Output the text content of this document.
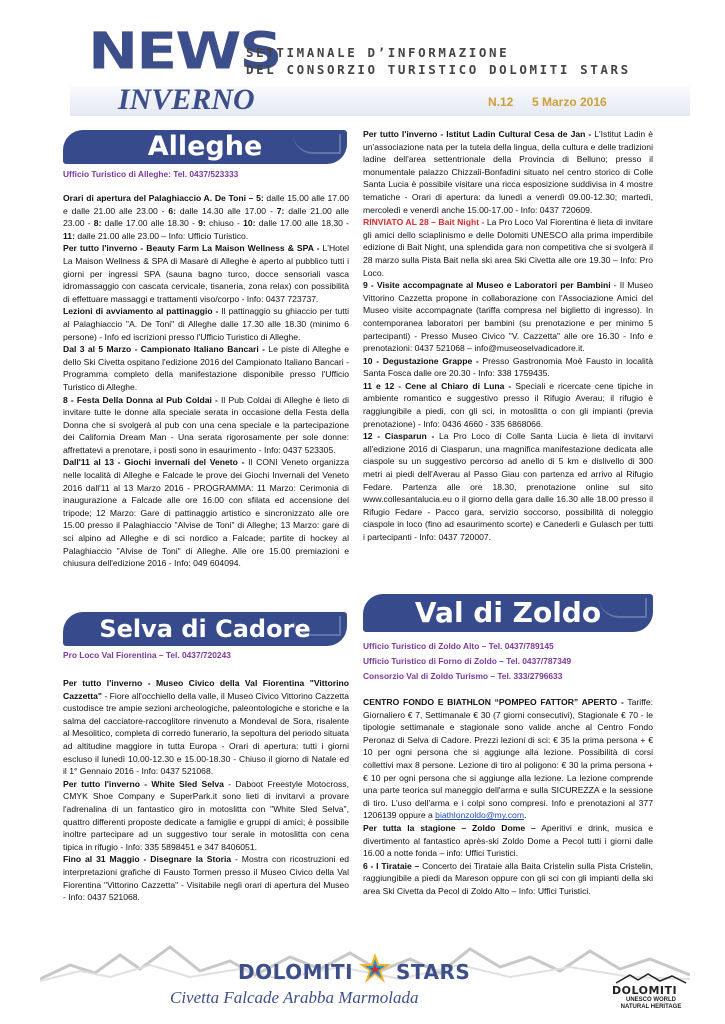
NEWS
SETTIMANALE D’INFORMAZIONE
DEL CONSORZIO TURISTICO DOLOMITI STARS
INVERNO	N.12 5 Marzo 2016
Alleghe

Ufficio Turistico di Alleghe: Tel. 0437/523333

Orari di apertura del Palaghiaccio A. De Toni – 5: dalle 15.00 alle 17.00 e dalle 21.00 alle 23.00 - 6: dalle 14.30 alle 17.00 - 7: dalle 21.00 alle 23.00 - 8: dalle 17.00 alle 18.30 - 9: chiuso - 10: dalle 17.00 alle 18.30 - 11: dalle 21.00 alle 23.00 – Info: Ufficio Turistico.

Per tutto l'inverno - Beauty Farm La Maison Wellness & SPA - L'Hotel La Maison Wellness & SPA di Masarè di Alleghe è aperto al pubblico tutti i giorni per ingressi SPA (sauna bagno turco, docce sensoriali vasca idromassaggio con cascata cervicale, tisaneria, zona relax) con possibilità di effettuare massaggi e trattamenti viso/corpo - Info: 0437 723737.

Lezioni di avviamento al pattinaggio - Il pattinaggio su ghiaccio per tutti al Palaghiaccio "A. De Toni" di Alleghe dalle 17.30 alle 18.30 (minimo 6 persone) - Info ed iscrizioni presso l'Ufficio Turistico di Alleghe.

Dal 3 al 5 Marzo - Campionato Italiano Bancari - Le piste di Alleghe e dello Ski Civetta ospitano l'edizione 2016 del Campionato Italiano Bancari - Programma completo della manifestazione disponibile presso l'Ufficio Turistico di Alleghe.

8 - Festa Della Donna al Pub Coldai - Il Pub Coldai di Alleghe è lieto di invitare tutte le donne alla speciale serata in occasione della Festa della Donna che si svolgerà al pub con una cena speciale e la partecipazione dei California Dream Man - Una serata rigorosamente per sole donne: affrettatevi a prenotare, i posti sono in esaurimento - Info: 0437 523305.

Dall'11 al 13 - Giochi invernali del Veneto - Il CONI Veneto organizza nelle località di Alleghe e Falcade le prove dei Giochi Invernali del Veneto 2016 dall'11 al 13 Marzo 2016 - PROGRAMMA: 11 Marzo: Cerimonia di inaugurazione a Falcade alle ore 16.00 con sfilata ed accensione del tripode; 12 Marzo: Gare di pattinaggio artistico e sincronizzato alle ore 15.00 presso il Palaghiaccio "Alvise de Toni" di Alleghe; 13 Marzo: gare di sci alpino ad Alleghe e di sci nordico a Falcade; partite di hockey al Palaghiaccio "Alvise de Toni" di Alleghe. Alle ore 15.00 premiazioni e chiusura dell'edizione 2016 - Info: 049 604094.

Selva di Cadore

Pro Loco Val Fiorentina – Tel. 0437/720243

Per tutto l'inverno - Museo Civico della Val Fiorentina "Vittorino Cazzetta" - Fiore all'occhiello della valle, il Museo Civico Vittorino Cazzetta custodisce tre ampie sezioni archeologiche, paleontologiche e storiche e la salma del cacciatore-raccoglitore rinvenuto a Mondeval de Sora, risalente al Mesolitico, completa di corredo funerario, la sepoltura del periodo situata ad altitudine maggiore in tutta Europa - Orari di apertura: tutti i giorni escluso il lunedì 10.00-12.30 e 15.00-18.30 - Chiuso il giorno di Natale ed il 1° Gennaio 2016 - Info: 0437 521068.

Per tutto l'inverno - White Sled Selva - Daboot Freestyle Motocross, CMYK Shoe Company e SuperPark.it sono lieti di invitarvi a provare l'adrenalina di un fantastico giro in motoslitta con "White Sled Selva", quattro differenti proposte dedicate a famiglie e gruppi di amici; è possibile inoltre partecipare ad un suggestivo tour serale in motoslitta con cena tipica in rifugio - Info: 335 5898451 e 347 8406051.

Fino al 31 Maggio - Disegnare la Storia - Mostra con ricostruzioni ed interpretazioni grafiche di Fausto Tormen presso il Museo Civico della Val Fiorentina "Vittorino Cazzetta" - Visitabile negli orari di apertura del Museo - Info: 0437 521068.

Per tutto l'inverno - Istitut Ladin Cultural Cesa de Jan - L'Istitut Ladin è un'associazione nata per la tutela della lingua, della cultura e delle tradizioni ladine dell'area settentrionale della Provincia di Belluno; presso il monumentale palazzo Chizzali-Bonfadini situato nel centro storico di Colle Santa Lucia è possibile visitare una ricca esposizione suddivisa in 4 mostre tematiche - Orari di apertura: da lunedì a venerdì 09.00-12.30; martedì, mercoledì e venerdì anche 15.00-17.00 - Info: 0437 720609.

RINVIATO AL 28 – Bait Night - La Pro Loco Val Fiorentina è lieta di invitare gli amici dello sciaplinismo e delle Dolomiti UNESCO alla prima imperdibile edizione di Bait Night, una splendida gara non competitiva che si svolgerà il 28 marzo sulla Pista Bait nella ski area Ski Civetta alle ore 19.30 – Info: Pro Loco.

9 - Visite accompagnate al Museo e Laboratori per Bambini - Il Museo Vittorino Cazzetta propone in collaborazione con l'Associazione Amici del Museo visite accompagnate (tariffa compresa nel biglietto di ingresso). In contemporanea laboratori per bambini (su prenotazione e per minimo 5 partecipanti) - Presso Museo Civico "V. Cazzetta" alle ore 16.30 - Info e prenotazioni: 0437 521068 – info@museoselvadicadore.it.

10 - Degustazione Grappe - Presso Gastronomia Moè Fausto in località Santa Fosca dalle ore 20.30 - Info: 338 1759435.

11 e 12 - Cene al Chiaro di Luna - Speciali e ricercate cene tipiche in ambiente romantico e suggestivo presso il Rifugio Averau; il rifugio è raggiungibile a piedi, con gli sci, in motoslitta o con gli impianti (previa prenotazione) - Info: 0436 4660 - 335 6868066.

12 - Ciasparun - La Pro Loco di Colle Santa Lucia è lieta di invitarvi all'edizione 2016 di Ciasparun, una magnifica manifestazione dedicata alle ciaspole su un suggestivo percorso ad anello di 5 km e dislivello di 300 metri ai piedi dell'Averau al Passo Giau con partenza ed arrivo al Rifugio Fedare. Partenza alle ore 18.30, prenotazione online sul sito www.collesantalucia.eu o il giorno della gara dalle 16.30 alle 18.00 presso il Rifugio Fedare - Pacco gara, servizio soccorso, possibilità di noleggio ciaspole in loco (fino ad esaurimento scorte) e Canederli e Gulasch per tutti i partecipanti - Info: 0437 720007.

Val di Zoldo

Ufficio Turistico di Zoldo Alto – Tel. 0437/789145

Ufficio Turistico di Forno di Zoldo – Tel. 0437/787349

Consorzio Val di Zoldo Turismo – Tel. 333/2796633

CENTRO FONDO E BIATHLON “POMPEO FATTOR” APERTO - Tariffe: Giornaliero € 7, Settimanale € 30 (7 giorni consecutivi), Stagionale € 70 - le tipologie settimanale e stagionale sono valide anche al Centro Fondo Peronaz di Selva di Cadore. Prezzi lezioni di sci: € 35 la prima persona + € 10 per ogni persona che si aggiunge alla lezione. Possibilità di corsi collettivi max 8 persone. Lezione di tiro al poligono: € 30 la prima persona + € 10 per ogni persona che si aggiunge alla lezione. La lezione comprende una parte teorica sul maneggio dell'arma e sulla SICUREZZA e la sessione di tiro. L'uso dell'arma e i colpi sono compresi. Info e prenotazioni al 377 1206139 oppure a biathlonzoldo@my.com.

Per tutta la stagione – Zoldo Dome – Aperitivi e drink, musica e divertimento al fantastico après-ski Zoldo Dome a Pecol tutti i giorni dalle 16.00 a notte fonda – info: Uffici Turistici.

6 - I Tirataie – Concerto dei Tirataie alla Baita Cristelin sulla Pista Cristelin, raggiungibile a piedi da Mareson oppure con gli sci con gli impianti della ski area Ski Civetta da Pecol di Zoldo Alto – Info: Uffici Turistici.

DOLOMITI STARS
Civetta Falcade Arabba Marmolada	DOLOMITI
UNESCO WORLD
NATURAL HERITAGE
